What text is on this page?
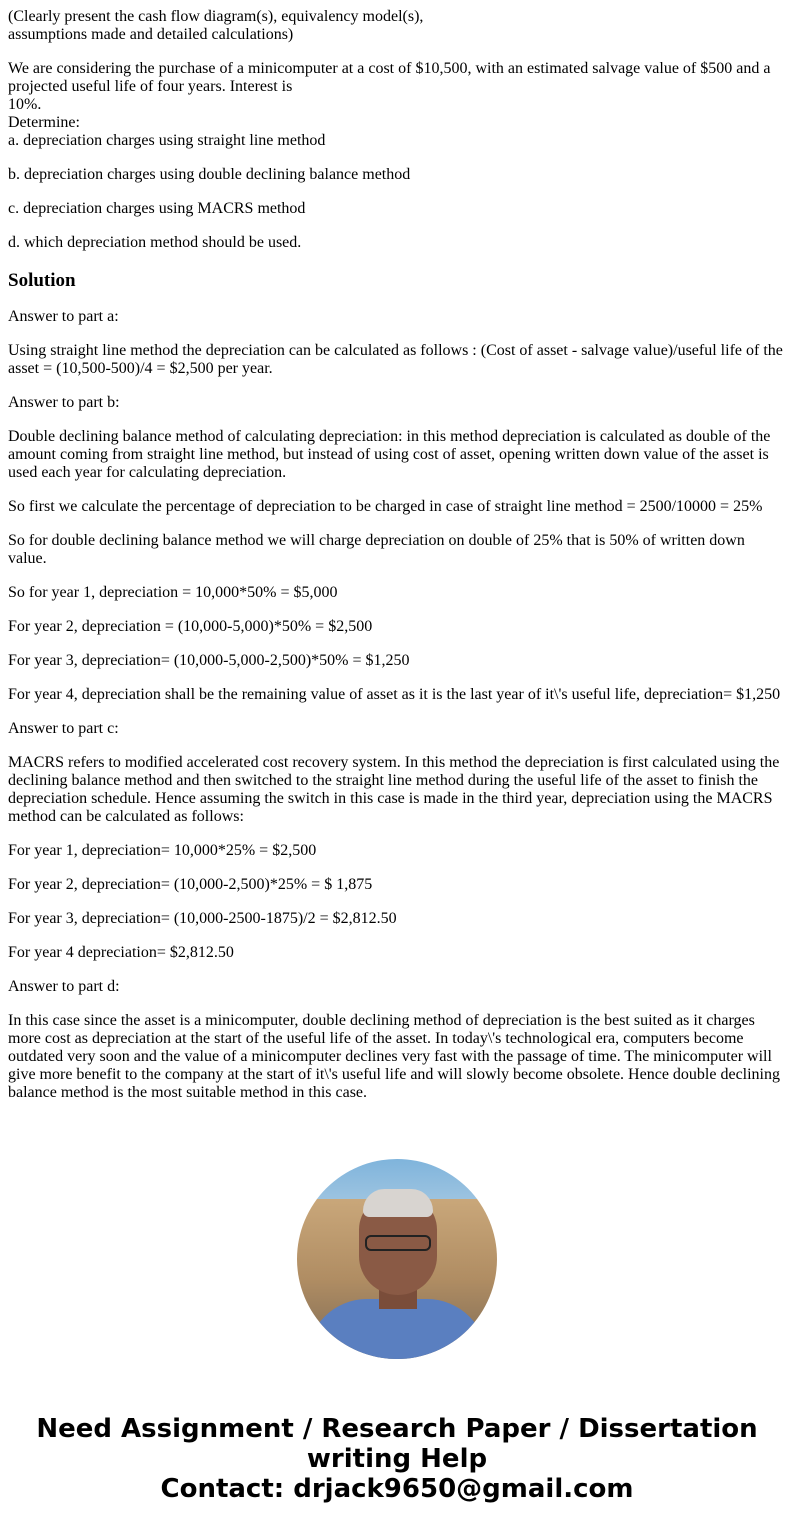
(Clearly present the cash flow diagram(s), equivalency model(s),
assumptions made and detailed calculations)

We are considering the purchase of a minicomputer at a cost of $10,500, with an estimated salvage value of $500 and a projected useful life of four years. Interest is
10%.
Determine:
a. depreciation charges using straight line method

b. depreciation charges using double declining balance method

c. depreciation charges using MACRS method

d. which depreciation method should be used.

Solution

Answer to part a:

Using straight line method the depreciation can be calculated as follows : (Cost of asset - salvage value)/useful life of the asset = (10,500-500)/4 = $2,500 per year.

Answer to part b:

Double declining balance method of calculating depreciation: in this method depreciation is calculated as double of the amount coming from straight line method, but instead of using cost of asset, opening written down value of the asset is used each year for calculating depreciation.

So first we calculate the percentage of depreciation to be charged in case of straight line method = 2500/10000 = 25%

So for double declining balance method we will charge depreciation on double of 25% that is 50% of written down value.

So for year 1, depreciation = 10,000*50% = $5,000

For year 2, depreciation = (10,000-5,000)*50% = $2,500

For year 3, depreciation= (10,000-5,000-2,500)*50% = $1,250

For year 4, depreciation shall be the remaining value of asset as it is the last year of it\'s useful life, depreciation= $1,250

Answer to part c:

MACRS refers to modified accelerated cost recovery system. In this method the depreciation is first calculated using the declining balance method and then switched to the straight line method during the useful life of the asset to finish the depreciation schedule. Hence assuming the switch in this case is made in the third year, depreciation using the MACRS method can be calculated as follows:

For year 1, depreciation= 10,000*25% = $2,500

For year 2, depreciation= (10,000-2,500)*25% = $ 1,875

For year 3, depreciation= (10,000-2500-1875)/2 = $2,812.50

For year 4 depreciation= $2,812.50

Answer to part d:

In this case since the asset is a minicomputer, double declining method of depreciation is the best suited as it charges more cost as depreciation at the start of the useful life of the asset. In today\'s technological era, computers become outdated very soon and the value of a minicomputer declines very fast with the passage of time. The minicomputer will give more benefit to the company at the start of it\'s useful life and will slowly become obsolete. Hence double declining balance method is the most suitable method in this case.

Need Assignment / Research Paper / Dissertation writing Help
Contact: drjack9650@gmail.com
